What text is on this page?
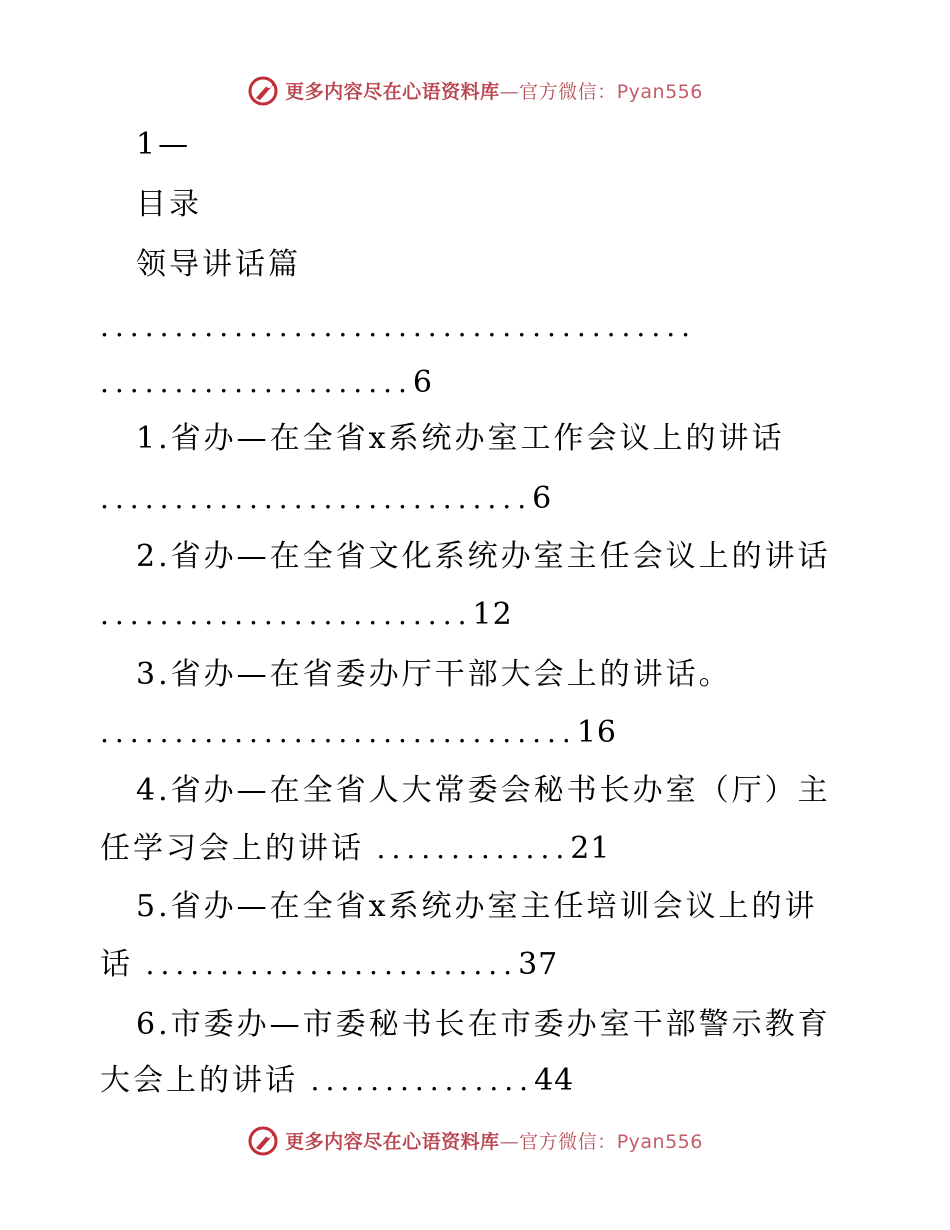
更多内容尽在心语资料库—官方微信：Pyan556
1—
目录
领导讲话篇
........................................
.....................6
1.省办—在全省x系统办室工作会议上的讲话
.............................6
2.省办—在全省文化系统办室主任会议上的讲话
.........................12
3.省办—在省委办厅干部大会上的讲话。
................................16
4.省办—在全省人大常委会秘书长办室（厅）主
任学习会上的讲话 .............21
5.省办—在全省x系统办室主任培训会议上的讲
话 .........................37
6.市委办—市委秘书长在市委办室干部警示教育
大会上的讲话 ...............44
更多内容尽在心语资料库—官方微信：Pyan556
